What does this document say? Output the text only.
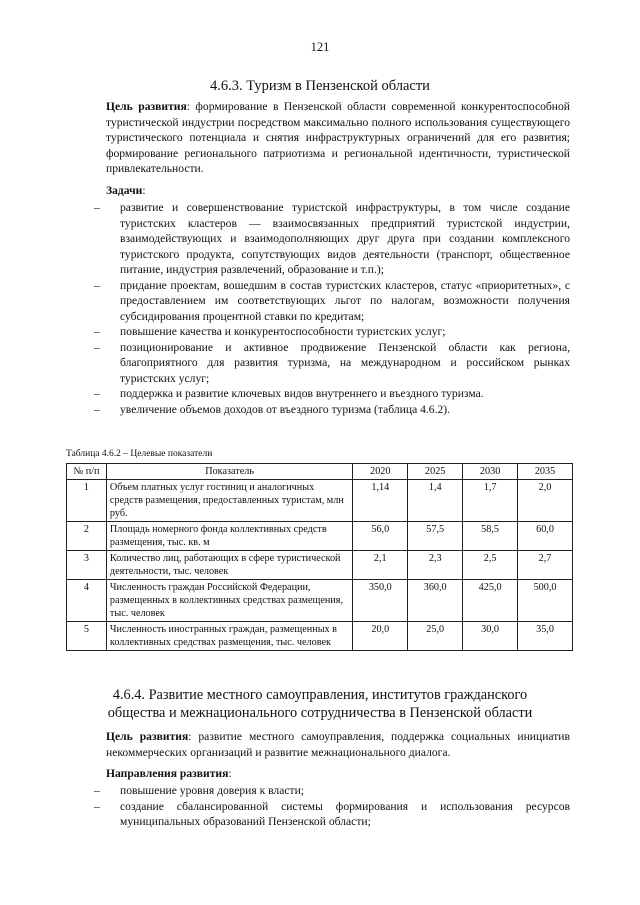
121
4.6.3. Туризм в Пензенской области
Цель развития: формирование в Пензенской области современной конкурентоспособной туристической индустрии посредством максимально полного использования существующего туристического потенциала и снятия инфраструктурных ограничений для его развития; формирование регионального патриотизма и региональной идентичности, туристической привлекательности.
Задачи:
– развитие и совершенствование туристской инфраструктуры, в том числе создание туристских кластеров — взаимосвязанных предприятий туристской индустрии, взаимодействующих и взаимодополняющих друг друга при создании комплексного туристского продукта, сопутствующих видов деятельности (транспорт, общественное питание, индустрия развлечений, образование и т.п.);
– придание проектам, вошедшим в состав туристских кластеров, статус «приоритетных», с предоставлением им соответствующих льгот по налогам, возможности получения субсидирования процентной ставки по кредитам;
– повышение качества и конкурентоспособности туристских услуг;
– позиционирование и активное продвижение Пензенской области как региона, благоприятного для развития туризма, на международном и российском рынках туристских услуг;
– поддержка и развитие ключевых видов внутреннего и въездного туризма.
– увеличение объемов доходов от въездного туризма (таблица 4.6.2).
Таблица 4.6.2 – Целевые показатели
№ п/п	Показатель	2020	2025	2030	2035
1	Объем платных услуг гостиниц и аналогичных средств размещения, предоставленных туристам, млн руб.	1,14	1,4	1,7	2,0
2	Площадь номерного фонда коллективных средств размещения, тыс. кв. м	56,0	57,5	58,5	60,0
3	Количество лиц, работающих в сфере туристической деятельности, тыс. человек	2,1	2,3	2,5	2,7
4	Численность граждан Российской Федерации, размещенных в коллективных средствах размещения, тыс. человек	350,0	360,0	425,0	500,0
5	Численность иностранных граждан, размещенных в коллективных средствах размещения, тыс. человек	20,0	25,0	30,0	35,0
4.6.4. Развитие местного самоуправления, институтов гражданского
общества и межнационального сотрудничества в Пензенской области
Цель развития: развитие местного самоуправления, поддержка социальных инициатив некоммерческих организаций и развитие межнационального диалога.
Направления развития:
– повышение уровня доверия к власти;
– создание сбалансированной системы формирования и использования ресурсов муниципальных образований Пензенской области;
